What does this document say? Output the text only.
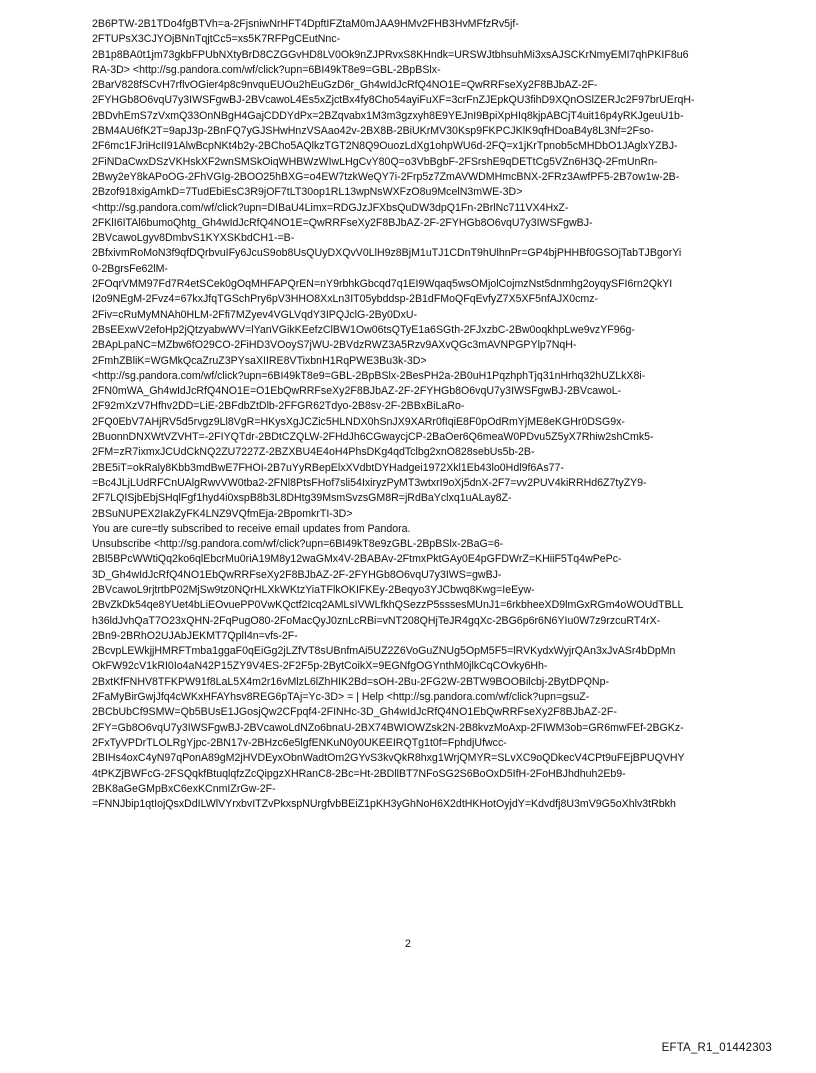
2B6PTW-2B1TDo4fgBTVh=a-2FjsniwNrHFT4DpftIFZtaM0mJAA9HMv2FHB3HvMFfzRv5jf-
2FTUPsX3CJYOjBNnTqjtCc5=xs5K7RFPgCEutNnc-
2B1p8BA0t1jm73gkbFPUbNXtyBrD8CZGGvHD8LV0Ok9nZJPRvxS8KHndk=URSWJtbhsuhMi3xsAJSCKrNmyEMI7qhPKIF8u6
RA-3D> <http://sg.pandora.com/wf/click?upn=6BI49kT8e9=GBL-2BpBSlx-
2BarV828fSCvH7rflvOGier4p8c9nvquEUOu2hEuGzD6r_Gh4wIdJcRfQ4NO1E=QwRRFseXy2F8BJbAZ-2F-
2FYHGb8O6vqU7y3IWSFgwBJ-2BVcawoL4Es5xZjctBx4fy8Cho54ayiFuXF=3crFnZJEpkQU3fihD9XQnOSlZERJc2F97brUErqH-
2BDvhEmS7zVxmQ33OnNBgH4GajCDDYdPx=2BZqvabx1M3m3gzxyh8E9YEJnI9BpiXpHIq8kjpABCjT4uit16p4yRKJgeuU1b-
2BM4AU6fK2T=9apJ3p-2BnFQ7yGJSHwHnzVSAao42v-2BX8B-2BiUKrMV30Ksp9FKPCJKlK9qfHDoaB4y8L3Nf=2Fso-
2F6mc1FJriHcII91AlwBcpNKt4b2y-2BCho5AQlkzTGT2N8Q9OuozLdXg1ohpWU6d-2FQ=x1jKrTpnob5cMHDbO1JAglxYZBJ-
2FiNDaCwxDSzVKHskXF2wnSMSkOiqWHBWzWIwLHgCvY80Q=o3VbBgbF-2FSrshE9qDETtCg5VZn6H3Q-2FmUnRn-
2Bwy2eY8kAPoOG-2FhVGIg-2BOO25hBXG=o4EW7tzkWeQY7i-2Frp5z7ZmAVWDMHmcBNX-2FRz3AwfPF5-2B7ow1w-2B-
2Bzof918xigAmkD=7TudEbiEsC3R9jOF7tLT30op1RL13wpNsWXFzO8u9McelN3mWE-3D>
<http://sg.pandora.com/wf/click?upn=DIBaU4Limx=RDGJzJFXbsQuDW3dpQ1Fn-2BrlNc711VX4HxZ-
2FKlI6ITAl6bumoQhtg_Gh4wIdJcRfQ4NO1E=QwRRFseXy2F8BJbAZ-2F-2FYHGb8O6vqU7y3IWSFgwBJ-
2BVcawoLgyv8DmbvS1KYXSKbdCH1-=B-
2BfxivmRoMoN3f9qfDQrbvuIFy6JcuS9ob8UsQUyDXQvV0LlH9z8BjM1uTJ1CDnT9hUlhnPr=GP4bjPHHBf0GSOjTabTJBgorYi
0-2BgrsFe62lM-
2FOqrVMM97Fd7R4etSCek0gOqMHFAPQrEN=nY9rbhkGbcqd7q1EI9Wqaq5wsOMjolCojmzNst5dnmhg2oyqySFI6rn2QkYI
I2o9NEgM-2Fvz4=67kxJfqTGSchPry6pV3HHO8XxLn3IT05ybddsp-2B1dFMoQFqEvfyZ7X5XF5nfAJX0cmz-
2Fiv=cRuMyMNAh0HLM-2Ffi7MZyev4VGLVqdY3IPQJclG-2By0DxU-
2BsEExwV2efoHp2jQtzyabwWV=lYanVGikKEefzClBW1Ow06tsQTyE1a6SGth-2FJxzbC-2Bw0oqkhpLwe9vzYF96g-
2BApLpaNC=MZbw6fO29CO-2FiHD3VOoyS7jWU-2BVdzRWZ3A5Rzv9AXvQGc3mAVNPGPYlp7NqH-
2FmhZBliK=WGMkQcaZruZ3PYsaXIIRE8VTixbnH1RqPWE3Bu3k-3D>
<http://sg.pandora.com/wf/click?upn=6BI49kT8e9=GBL-2BpBSlx-2BesPH2a-2B0uH1PqzhphTjq31nHrhq32hUZLkX8i-
2FN0mWA_Gh4wIdJcRfQ4NO1E=O1EbQwRRFseXy2F8BJbAZ-2F-2FYHGb8O6vqU7y3IWSFgwBJ-2BVcawoL-
2F92mXzV7Hfhv2DD=LiE-2BFdbZtDlb-2FFGR62Tdyo-2B8sv-2F-2BBxBiLaRo-
2FQ0EbV7AHjRV5d5rvgz9Ll8VgR=HKysXgJCZic5HLNDX0hSnJX9XARr0fIqiE8F0pOdRmYjME8eKGHr0DSG9x-
2BuonnDNXWtVZVHT=-2FIYQTdr-2BDtCZQLW-2FHdJh6CGwaycjCP-2BaOer6Q6meaW0PDvu5Z5yX7Rhiw2shCmk5-
2FM=zR7ixmxJCUdCkNQ2ZU7227Z-2BZXBU4E4oH4PhsDKg4qdTclbg2xnO828sebUs5b-2B-
2BE5iT=okRaly8Kbb3mdBwE7FHOI-2B7uYyRBepElxXVdbtDYHadgei1972Xkl1Eb43lo0Hdl9f6As77-
=Bc4JLjLUdRFCnUAlgRwvVW0tba2-2FNl8PtsFHof7sli54IxiryzPyMT3wtxrI9oXj5dnX-2F7=vv2PUV4kiRRHd6Z7tyZY9-
2F7LQISjbEbjSHqlFgf1hyd4i0xspB8b3L8DHtg39MsmSvzsGM8R=jRdBaYclxq1uALay8Z-
2BSuNUPEX2IakZyFK4LNZ9VQfmEja-2BpomkrTI-3D>
You are cure=tly subscribed to receive email updates from Pandora.
Unsubscribe <http://sg.pandora.com/wf/click?upn=6BI49kT8e9zGBL-2BpBSlx-2BaG=6-
2Bl5BPcWWtiQq2ko6qlEbcrMu0riA19M8y12waGMx4V-2BABAv-2FtmxPktGAy0E4pGFDWrZ=KHiiF5Tq4wPePc-
3D_Gh4wIdJcRfQ4NO1EbQwRRFseXy2F8BJbAZ-2F-2FYHGb8O6vqU7y3IWS=gwBJ-
2BVcawoL9rjtrtbP02MjSw9tz0NQrHLXkWKtzYiaTFlkOKIFKEy-2Beqyo3YJCbwq8Kwg=IeEyw-
2BvZkDk54qe8YUet4bLiEOvuePP0VwKQctf2Icq2AMLsIVWLfkhQSezzP5sssesMUnJ1=6rkbheeXD9lmGxRGm4oWOUdTBLL
h36ldJvhQaT7O23xQHN-2FqPugO80-2FoMacQyJ0znLcRBi=vNT208QHjTeJR4gqXc-2BG6p6r6N6YIu0W7z9rzcuRT4rX-
2Bn9-2BRhO2UJAbJEKMT7QplI4n=vfs-2F-
2BcvpLEWkjjHMRFTmba1ggaF0qEiGg2jLZfVT8sUBnfmAi5UZ2Z6VoGuZNUg5OpM5F5=lRVKydxWyjrQAn3xJvASr4bDpMn
OkFW92cV1kRI0Io4aN42P15ZY9V4ES-2F2F5p-2BytCoikX=9EGNfgOGYnthM0jlkCqCOvky6Hh-
2BxtKfFNHV8TFKPW91f8LaL5X4m2r16vMlzL6lZhHIK2Bd=sOH-2Bu-2FG2W-2BTW9BOOBilcbj-2BytDPQNp-
2FaMyBirGwjJfq4cWKxHFAYhsv8REG6pTAj=Yc-3D> = | Help <http://sg.pandora.com/wf/click?upn=gsuZ-
2BCbUbCf9SMW=Qb5BUsE1JGosjQw2CFpqf4-2FINHc-3D_Gh4wIdJcRfQ4NO1EbQwRRFseXy2F8BJbAZ-2F-
2FY=Gb8O6vqU7y3IWSFgwBJ-2BVcawoLdNZo6bnaU-2BX74BWIOWZsk2N-2B8kvzMoAxp-2FIWM3ob=GR6mwFEf-2BGKz-
2FxTyVPDrTLOLRgYjpc-2BN17v-2BHzc6e5lgfENKuN0y0UKEEIRQTg1t0f=FphdjUfwcc-
2BIHs4oxC4yN97qPonA89gM2jHVDEyxObnWadtOm2GYvS3kvQkR8hxg1WrjQMYR=SLvXC9oQDkecV4CPt9uFEjBPUQVHY
4tPKZjBWFcG-2FSQqkfBtuqlqfzZcQipgzXHRanC8-2Bc=Ht-2BDllBT7NFoSG2S6BoOxD5IfH-2FoHBJhdhuh2Eb9-
2BK8aGeGMpBxC6exKCnmIZrGw-2F-
=FNNJbip1qtIojQsxDdILWlVYrxbvITZvPkxspNUrgfvbBEiZ1pKH3yGhNoH6X2dtHKHotOyjdY=Kdvdfj8U3mV9G5oXhlv3tRbkh
2
EFTA_R1_01442303
